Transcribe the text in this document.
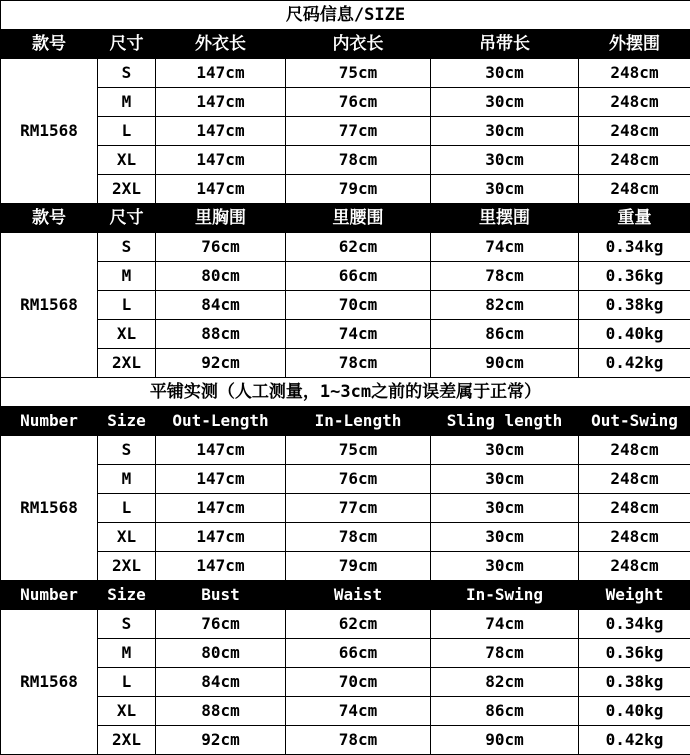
尺码信息/SIZE					
款号	尺寸	外衣长	内衣长	吊带长	外摆围
RM1568	S	147cm	75cm	30cm	248cm
	M	147cm	76cm	30cm	248cm
	L	147cm	77cm	30cm	248cm
	XL	147cm	78cm	30cm	248cm
	2XL	147cm	79cm	30cm	248cm
款号	尺寸	里胸围	里腰围	里摆围	重量
RM1568	S	76cm	62cm	74cm	0.34kg
	M	80cm	66cm	78cm	0.36kg
	L	84cm	70cm	82cm	0.38kg
	XL	88cm	74cm	86cm	0.40kg
	2XL	92cm	78cm	90cm	0.42kg
平铺实测（人工测量，1~3cm之前的误差属于正常）					
Number	Size	Out-Length	In-Length	Sling length	Out-Swing
RM1568	S	147cm	75cm	30cm	248cm
	M	147cm	76cm	30cm	248cm
	L	147cm	77cm	30cm	248cm
	XL	147cm	78cm	30cm	248cm
	2XL	147cm	79cm	30cm	248cm
Number	Size	Bust	Waist	In-Swing	Weight
RM1568	S	76cm	62cm	74cm	0.34kg
	M	80cm	66cm	78cm	0.36kg
	L	84cm	70cm	82cm	0.38kg
	XL	88cm	74cm	86cm	0.40kg
	2XL	92cm	78cm	90cm	0.42kg
